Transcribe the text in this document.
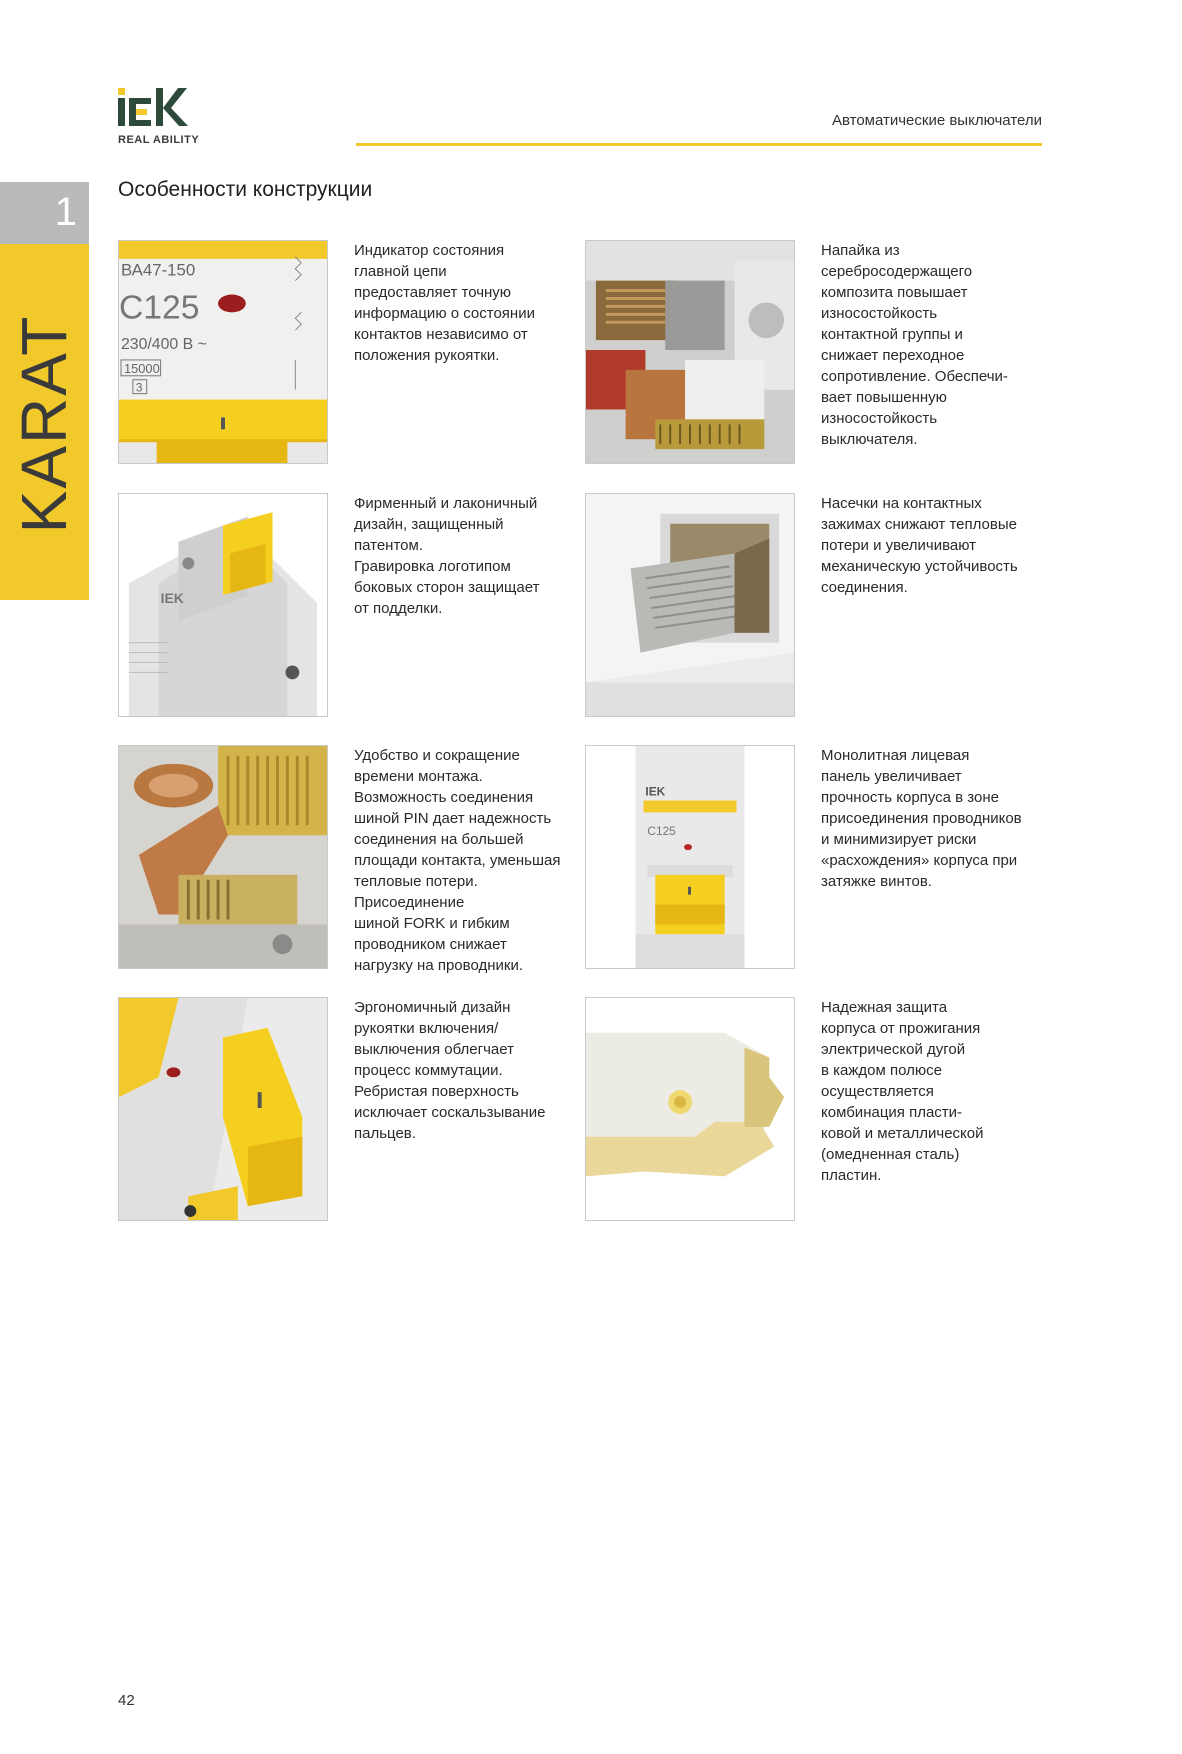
REAL ABILITY
Автоматические выключатели
1
KARAT
Особенности конструкции
ВА47-150
C125
230/400 В ~
15000
3
Индикатор состояния
главной цепи
предоставляет точную
информацию о состоянии
контактов независимо от
положения рукоятки.
Напайка из
серебросодержащего
композита повышает
износостойкость
контактной группы и
снижает переходное
сопротивление. Обеспечи-
вает повышенную
износостойкость
выключателя.
IEK
Фирменный и лаконичный
дизайн, защищенный
патентом.
Гравировка логотипом
боковых сторон защищает
от подделки.
Насечки на контактных
зажимах снижают тепловые
потери и увеличивают
механическую устойчивость
соединения.
Удобство и сокращение
времени монтажа.
Возможность соединения
шиной PIN дает надежность
соединения на большей
площади контакта, уменьшая
тепловые потери.
Присоединение
шиной FORK и гибким
проводником снижает
нагрузку на проводники.
IEK
C125
Монолитная лицевая
панель увеличивает
прочность корпуса в зоне
присоединения проводников
и минимизирует риски
«расхождения» корпуса при
затяжке винтов.
Эргономичный дизайн
рукоятки включения/
выключения облегчает
процесс коммутации.
Ребристая поверхность
исключает соскальзывание
пальцев.
Надежная защита
корпуса от прожигания
электрической дугой
в каждом полюсе
осуществляется
комбинация пласти-
ковой и металлической
(омедненная сталь)
пластин.
42
